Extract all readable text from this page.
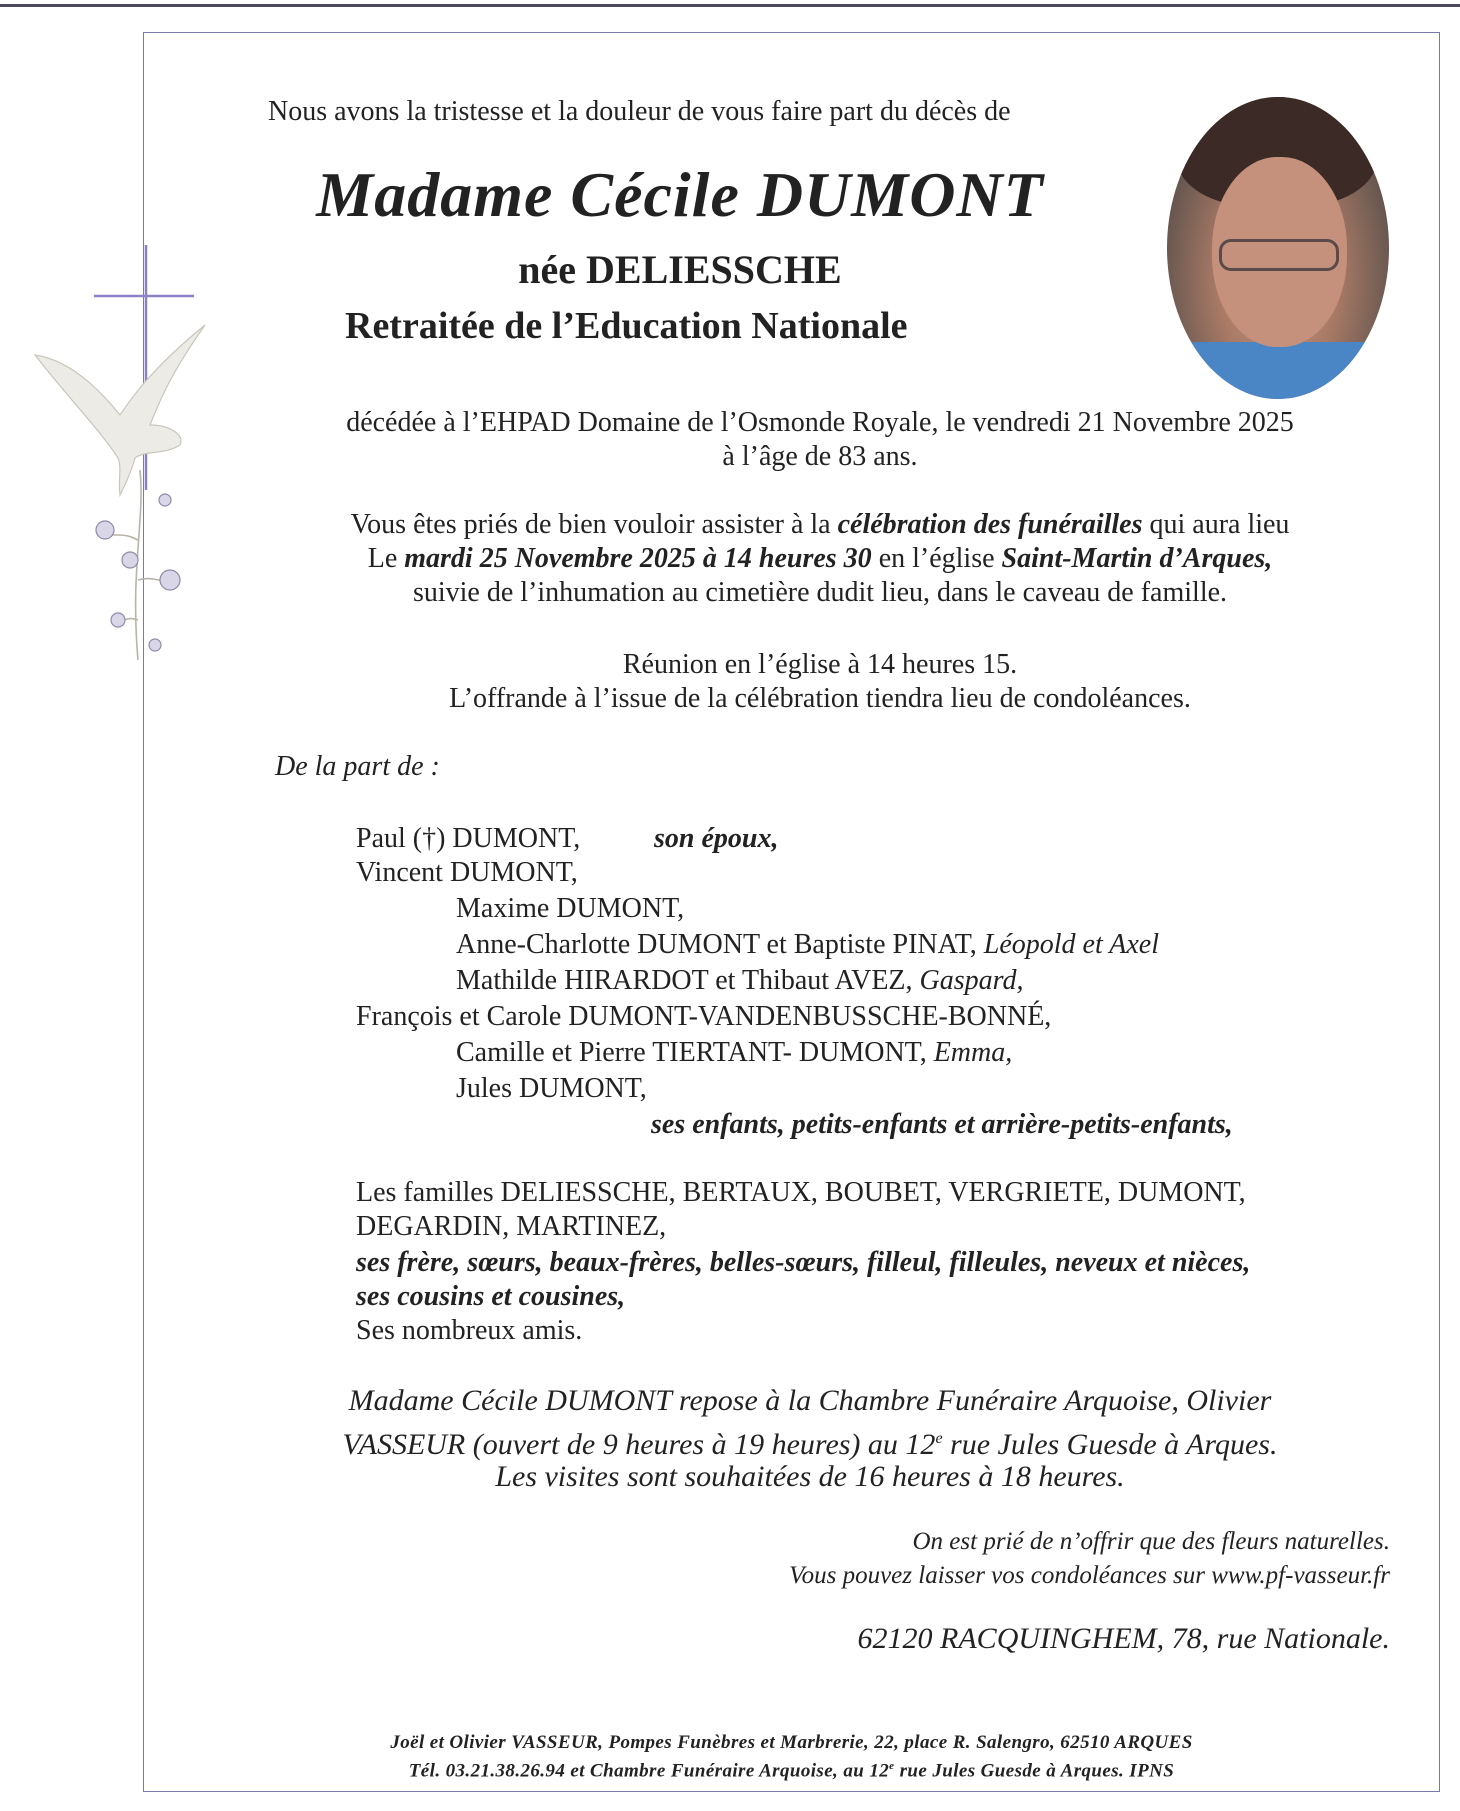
Nous avons la tristesse et la douleur de vous faire part du décès de
Madame Cécile DUMONT
née DELIESSCHE
Retraitée de l’Education Nationale
décédée à l’EHPAD Domaine de l’Osmonde Royale, le vendredi 21 Novembre 2025
à l’âge de 83 ans.
Vous êtes priés de bien vouloir assister à la célébration des funérailles qui aura lieu
Le mardi 25 Novembre 2025 à 14 heures 30 en l’église Saint-Martin d’Arques,
suivie de l’inhumation au cimetière dudit lieu, dans le caveau de famille.
Réunion en l’église à 14 heures 15.
L’offrande à l’issue de la célébration tiendra lieu de condoléances.
De la part de :
Paul (†) DUMONT,	son époux,
Vincent DUMONT,
Maxime DUMONT,
Anne-Charlotte DUMONT et Baptiste PINAT, Léopold et Axel
Mathilde HIRARDOT et Thibaut AVEZ, Gaspard,
François et Carole DUMONT-VANDENBUSSCHE-BONNÉ,
Camille et Pierre TIERTANT- DUMONT, Emma,
Jules DUMONT,
ses enfants, petits-enfants et arrière-petits-enfants,
Les familles DELIESSCHE, BERTAUX, BOUBET, VERGRIETE, DUMONT,
DEGARDIN, MARTINEZ,
ses frère, sœurs, beaux-frères, belles-sœurs, filleul, filleules, neveux et nièces,
ses cousins et cousines,
Ses nombreux amis.
Madame Cécile DUMONT repose à la Chambre Funéraire Arquoise, Olivier
VASSEUR (ouvert de 9 heures à 19 heures) au 12e rue Jules Guesde à Arques.
Les visites sont souhaitées de 16 heures à 18 heures.
On est prié de n’offrir que des fleurs naturelles.
Vous pouvez laisser vos condoléances sur www.pf-vasseur.fr
62120 RACQUINGHEM, 78, rue Nationale.
Joël et Olivier VASSEUR, Pompes Funèbres et Marbrerie, 22, place R. Salengro, 62510 ARQUES
Tél. 03.21.38.26.94 et Chambre Funéraire Arquoise, au 12e rue Jules Guesde à Arques. IPNS
